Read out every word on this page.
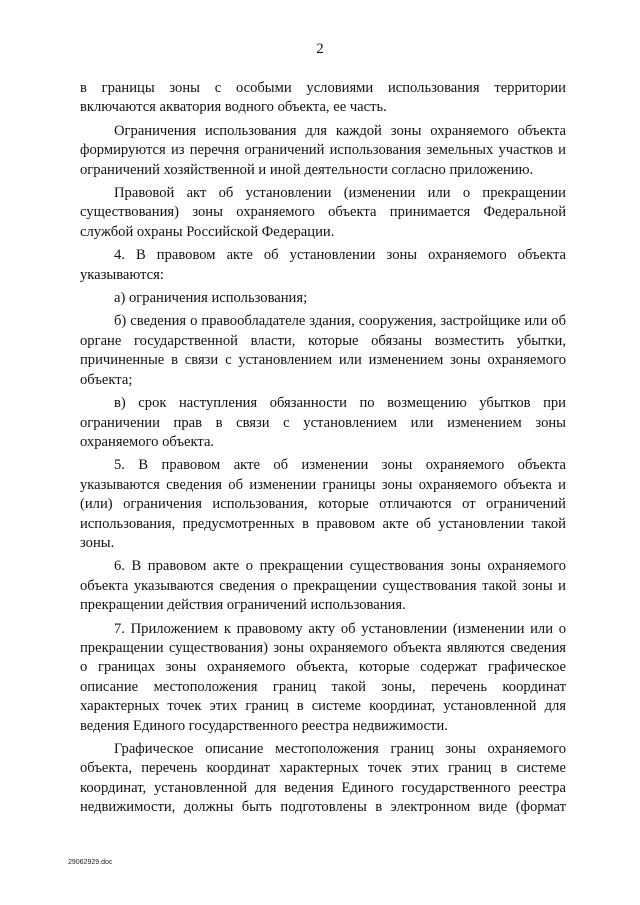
2

в границы зоны с особыми условиями использования территории включаются акватория водного объекта, ее часть.

Ограничения использования для каждой зоны охраняемого объекта формируются из перечня ограничений использования земельных участков и ограничений хозяйственной и иной деятельности согласно приложению.

Правовой акт об установлении (изменении или о прекращении существования) зоны охраняемого объекта принимается Федеральной службой охраны Российской Федерации.

4. В правовом акте об установлении зоны охраняемого объекта указываются:

а) ограничения использования;

б) сведения о правообладателе здания, сооружения, застройщике или об органе государственной власти, которые обязаны возместить убытки, причиненные в связи с установлением или изменением зоны охраняемого объекта;

в) срок наступления обязанности по возмещению убытков при ограничении прав в связи с установлением или изменением зоны охраняемого объекта.

5. В правовом акте об изменении зоны охраняемого объекта указываются сведения об изменении границы зоны охраняемого объекта и (или) ограничения использования, которые отличаются от ограничений использования, предусмотренных в правовом акте об установлении такой зоны.

6. В правовом акте о прекращении существования зоны охраняемого объекта указываются сведения о прекращении существования такой зоны и прекращении действия ограничений использования.

7. Приложением к правовому акту об установлении (изменении или о прекращении существования) зоны охраняемого объекта являются сведения о границах зоны охраняемого объекта, которые содержат графическое описание местоположения границ такой зоны, перечень координат характерных точек этих границ в системе координат, установленной для ведения Единого государственного реестра недвижимости.

Графическое описание местоположения границ зоны охраняемого объекта, перечень координат характерных точек этих границ в системе координат, установленной для ведения Единого государственного реестра недвижимости, должны быть подготовлены в электронном виде (формат

29062929.doc
